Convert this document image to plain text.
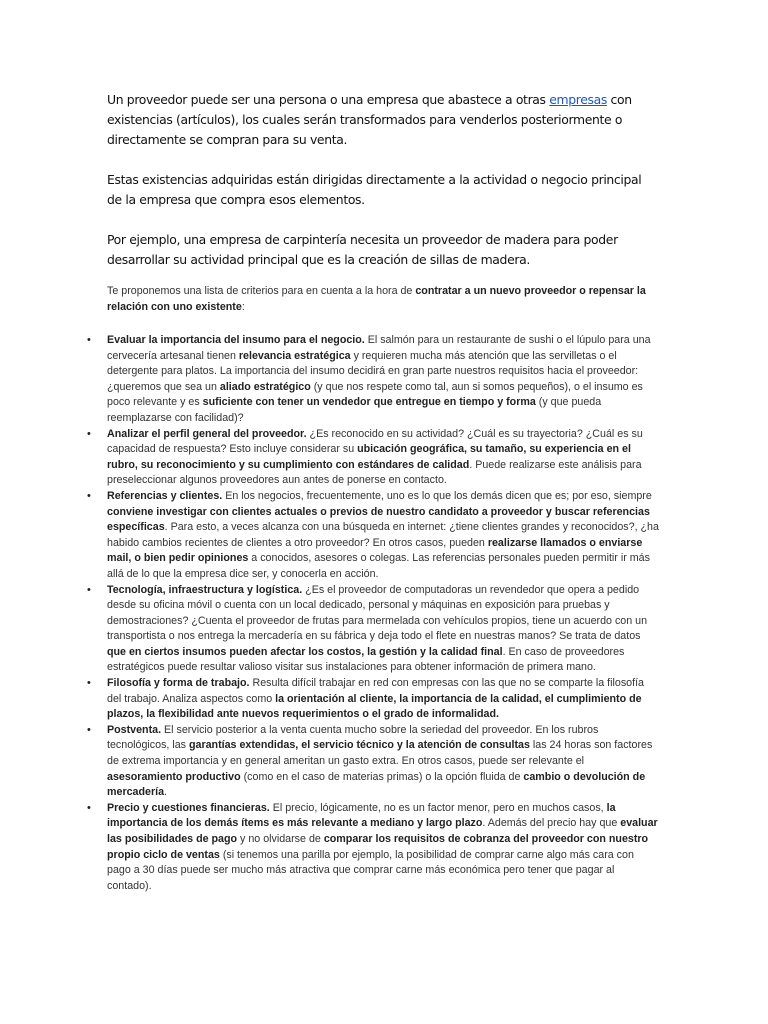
Un proveedor puede ser una persona o una empresa que abastece a otras empresas con existencias (artículos), los cuales serán transformados para venderlos posteriormente o directamente se compran para su venta.

Estas existencias adquiridas están dirigidas directamente a la actividad o negocio principal de la empresa que compra esos elementos.

Por ejemplo, una empresa de carpintería necesita un proveedor de madera para poder desarrollar su actividad principal que es la creación de sillas de madera.

Te proponemos una lista de criterios para en cuenta a la hora de contratar a un nuevo proveedor o repensar la relación con uno existente:

• Evaluar la importancia del insumo para el negocio. El salmón para un restaurante de sushi o el lúpulo para una cervecería artesanal tienen relevancia estratégica y requieren mucha más atención que las servilletas o el detergente para platos. La importancia del insumo decidirá en gran parte nuestros requisitos hacia el proveedor: ¿queremos que sea un aliado estratégico (y que nos respete como tal, aun si somos pequeños), o el insumo es poco relevante y es suficiente con tener un vendedor que entregue en tiempo y forma (y que pueda reemplazarse con facilidad)?
• Analizar el perfil general del proveedor. ¿Es reconocido en su actividad? ¿Cuál es su trayectoria? ¿Cuál es su capacidad de respuesta? Esto incluye considerar su ubicación geográfica, su tamaño, su experiencia en el rubro, su reconocimiento y su cumplimiento con estándares de calidad. Puede realizarse este análisis para preseleccionar algunos proveedores aun antes de ponerse en contacto.
• Referencias y clientes. En los negocios, frecuentemente, uno es lo que los demás dicen que es; por eso, siempre conviene investigar con clientes actuales o previos de nuestro candidato a proveedor y buscar referencias específicas. Para esto, a veces alcanza con una búsqueda en internet: ¿tiene clientes grandes y reconocidos?, ¿ha habido cambios recientes de clientes a otro proveedor? En otros casos, pueden realizarse llamados o enviarse mail, o bien pedir opiniones a conocidos, asesores o colegas. Las referencias personales pueden permitir ir más allá de lo que la empresa dice ser, y conocerla en acción.
• Tecnología, infraestructura y logística. ¿Es el proveedor de computadoras un revendedor que opera a pedido desde su oficina móvil o cuenta con un local dedicado, personal y máquinas en exposición para pruebas y demostraciones? ¿Cuenta el proveedor de frutas para mermelada con vehículos propios, tiene un acuerdo con un transportista o nos entrega la mercadería en su fábrica y deja todo el flete en nuestras manos? Se trata de datos que en ciertos insumos pueden afectar los costos, la gestión y la calidad final. En caso de proveedores estratégicos puede resultar valioso visitar sus instalaciones para obtener información de primera mano.
• Filosofía y forma de trabajo. Resulta difícil trabajar en red con empresas con las que no se comparte la filosofía del trabajo. Analiza aspectos como la orientación al cliente, la importancia de la calidad, el cumplimiento de plazos, la flexibilidad ante nuevos requerimientos o el grado de informalidad.
• Postventa. El servicio posterior a la venta cuenta mucho sobre la seriedad del proveedor. En los rubros tecnológicos, las garantías extendidas, el servicio técnico y la atención de consultas las 24 horas son factores de extrema importancia y en general ameritan un gasto extra. En otros casos, puede ser relevante el asesoramiento productivo (como en el caso de materias primas) o la opción fluida de cambio o devolución de mercadería.
• Precio y cuestiones financieras. El precio, lógicamente, no es un factor menor, pero en muchos casos, la importancia de los demás ítems es más relevante a mediano y largo plazo. Además del precio hay que evaluar las posibilidades de pago y no olvidarse de comparar los requisitos de cobranza del proveedor con nuestro propio ciclo de ventas (si tenemos una parilla por ejemplo, la posibilidad de comprar carne algo más cara con pago a 30 días puede ser mucho más atractiva que comprar carne más económica pero tener que pagar al contado).
